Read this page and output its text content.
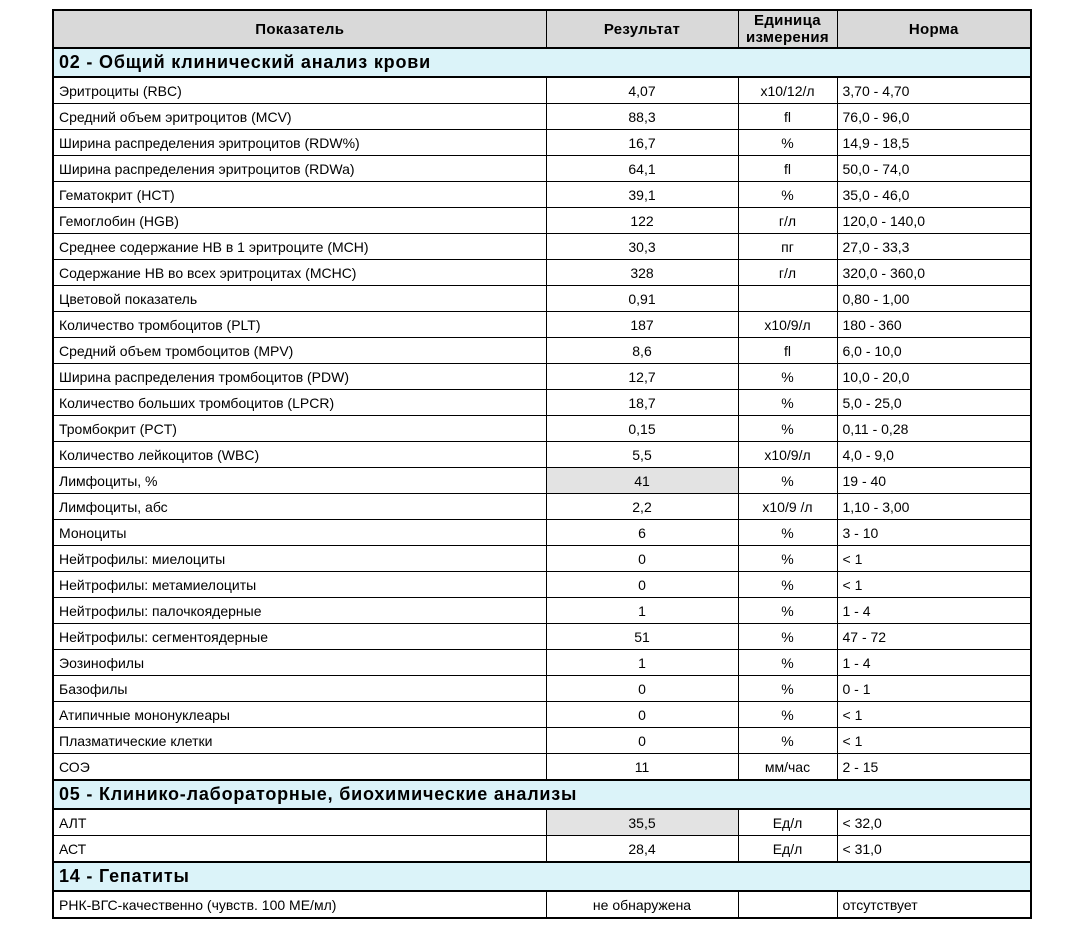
Показатель	Результат	Единица измерения	Норма
02 - Общий клинический анализ крови			
Эритроциты (RBC)	4,07	х10/12/л	3,70 - 4,70
Средний объем эритроцитов (MCV)	88,3	fl	76,0 - 96,0
Ширина распределения эритроцитов (RDW%)	16,7	%	14,9 - 18,5
Ширина распределения эритроцитов (RDWa)	64,1	fl	50,0 - 74,0
Гематокрит (HCT)	39,1	%	35,0 - 46,0
Гемоглобин (HGB)	122	г/л	120,0 - 140,0
Среднее содержание HB в 1 эритроците (MCH)	30,3	пг	27,0 - 33,3
Содержание HB во всех эритроцитах (MCHC)	328	г/л	320,0 - 360,0
Цветовой показатель	0,91		0,80 - 1,00
Количество тромбоцитов (PLT)	187	х10/9/л	180 - 360
Средний объем тромбоцитов (MPV)	8,6	fl	6,0 - 10,0
Ширина распределения тромбоцитов (PDW)	12,7	%	10,0 - 20,0
Количество больших тромбоцитов (LPCR)	18,7	%	5,0 - 25,0
Тромбокрит (PCT)	0,15	%	0,11 - 0,28
Количество лейкоцитов (WBC)	5,5	х10/9/л	4,0 - 9,0
Лимфоциты, %	41	%	19 - 40
Лимфоциты, абс	2,2	х10/9 /л	1,10 - 3,00
Моноциты	6	%	3 - 10
Нейтрофилы: миелоциты	0	%	< 1
Нейтрофилы: метамиелоциты	0	%	< 1
Нейтрофилы: палочкоядерные	1	%	1 - 4
Нейтрофилы: сегментоядерные	51	%	47 - 72
Эозинофилы	1	%	1 - 4
Базофилы	0	%	0 - 1
Атипичные мононуклеары	0	%	< 1
Плазматические клетки	0	%	< 1
СОЭ	11	мм/час	2 - 15
05 - Клинико-лабораторные, биохимические анализы			
АЛТ	35,5	Ед/л	< 32,0
АСТ	28,4	Ед/л	< 31,0
14 - Гепатиты			
РНК-ВГС-качественно (чувств. 100 МЕ/мл)	не обнаружена		отсутствует
